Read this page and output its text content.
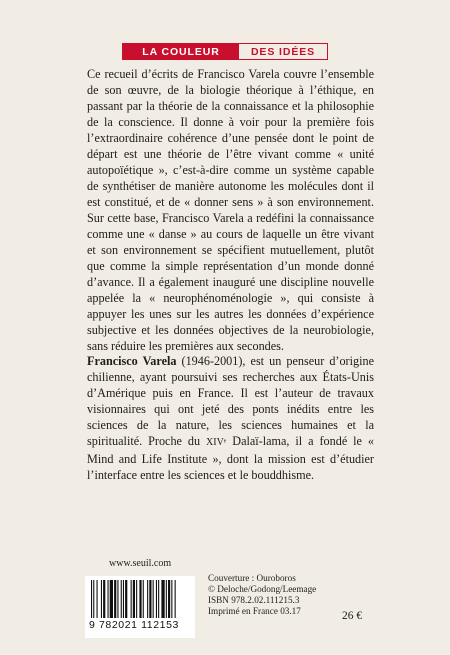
LA COULEUR	DES IDÉES

Ce recueil d’écrits de Francisco Varela couvre l’ensemble de son œuvre, de la biologie théorique à l’éthique, en passant par la théorie de la connaissance et la philosophie de la conscience. Il donne à voir pour la première fois l’extraordinaire cohérence d’une pensée dont le point de départ est une théorie de l’être vivant comme « unité autopoïétique », c’est-à-dire comme un système capable de synthétiser de manière autonome les molécules dont il est constitué, et de « donner sens » à son environnement. Sur cette base, Francisco Varela a redéfini la connaissance comme une « danse » au cours de laquelle un être vivant et son environnement se spécifient mutuellement, plutôt que comme la simple représentation d’un monde donné d’avance. Il a également inauguré une discipline nouvelle appelée la « neurophénoménologie », qui consiste à appuyer les unes sur les autres les données d’expérience subjective et les données objectives de la neurobiologie, sans réduire les premières aux secondes.

Francisco Varela (1946-2001), est un penseur d’origine chilienne, ayant poursuivi ses recherches aux États-Unis d’Amérique puis en France. Il est l’auteur de travaux visionnaires qui ont jeté des ponts inédits entre les sciences de la nature, les sciences humaines et la spiritualité. Proche du XIVᵉ Dalaï-lama, il a fondé le « Mind and Life Institute », dont la mission est d’étudier l’interface entre les sciences et le bouddhisme.

www.seuil.com
9 782021 112153
Couverture : Ouroboros
© Deloche/Godong/Leemage
ISBN 978.2.02.111215.3
Imprimé en France 03.17	26 €
